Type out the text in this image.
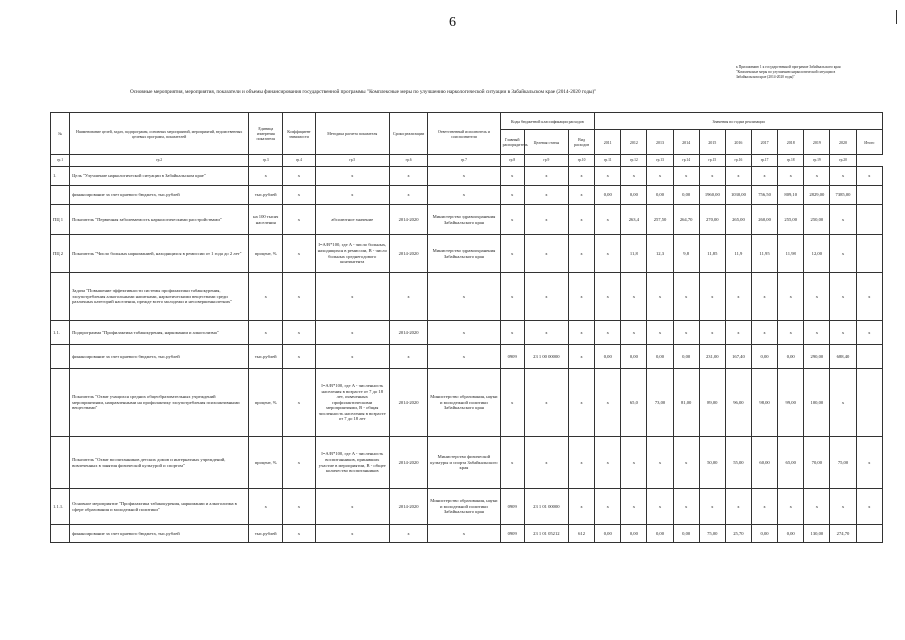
6
к Приложению 1 к государственной программе Забайкальского края
"Комплексные меры по улучшению наркологической ситуации в
Забайкальском крае (2014-2020 годы)"
Основные мероприятия, мероприятия, показатели и объемы финансирования государственной программы "Комплексные меры по улучшению наркологической ситуации в Забайкальском крае (2014-2020 годы)"
№	Наименование целей, задач, подпрограмм, основных мероприятий, мероприятий, ведомственных целевых программ, показателей	Единица измерения показателя	Коэффициент значимости	Методика расчета показателя	Сроки реализации	Ответственный исполнитель и соисполнители	Коды бюджетной классификации расходов			Значения по годам реализации										
							Главный распорядитель	Целевая статья	Вид расходов	2011	2012	2013	2014	2015	2016	2017	2018	2019	2020	Итого
гр.1	гр.2	гр.3	гр.4	гр.5	гр.6	гр.7	гр.8	гр.9	гр.10	гр.11	гр.12	гр.13	гр.14	гр.15	гр.16	гр.17	гр.18	гр.19	гр.20	
1.	Цель "Улучшение наркологической ситуации в Забайкальском крае"	х	х	х	х	х	х	х	х	х	х	х	х	х	х	х	х	х	х	х
	финансирование за счет краевого бюджета, тыс.рублей	тыс.рублей	х	х	х	х	х	х	х	0,00	0,00	0,00	0,00	1960,00	1030,00	756,50	809,10	2829,00	7385,00	
ПЦ 1	Показатель "Первичная заболеваемость наркологическими расстройствами"	на 100 тысяч населения	х	абсолютное значение	2014-2020	Министерство здравоохранения Забайкальского края	х	х	х	х	263,4	257,50	264,70	270,00	265,00	260,00	255,00	250,00	х	
ПЦ 2	Показатель "Число больных наркоманией, находящихся в ремиссии от 1 года до 2 лет"	процент, %	х	I=A/B*100, где A - число больных, находящихся в ремиссии, B - число больных среднегодового контингента	2014-2020	Министерство здравоохранения Забайкальского края	х	х	х	х	11,8	12,3	9,8	11,85	11,9	11,95	11,98	12,00	х	
	Задача "Повышение эффективности системы профилактики табакокурения, злоупотребления алкогольными напитками, наркотическими веществами среди различных категорий населения, прежде всего молодежи и несовершеннолетних"	х	х	х	х	х	х	х	х	х	х	х	х	х	х	х	х	х	х	х
1.1.	Подпрограмма "Профилактика табакокурения, наркомании и алкоголизма"	х	х	х	2014-2020	х	х	х	х	х	х	х	х	х	х	х	х	х	х	х
	финансирование за счет краевого бюджета, тыс.рублей	тыс.рублей	х	х	х	х	0909	23 1 00 00000	х	0,00	0,00	0,00	0,00	231,00	167,40	0,00	0,00	290,00	688,40	
	Показатель "Охват учащихся средних общеобразовательных учреждений мероприятиями, направленными на профилактику злоупотребления психоактивными веществами"	процент, %	х	I=A/B*100, где A - численность населения в возрасте от 7 до 18 лет, охваченных профилактическими мероприятиями, B - общая численность населения в возрасте от 7 до 18 лет	2014-2020	Министерство образования, науки и молодежной политики Забайкальского края	х	х	х	х	65,0	73,00	81,00	89,00	96,00	98,00	99,00	100,00	х	
	Показатель "Охват воспитанников детских домов и интернатных учреждений, вовлеченных в занятия физической культурой и спортом"	процент, %	х	I=A/B*100, где A - численность воспитанников, принявших участие в мероприятии, B - общее количество воспитанников	2014-2020	Министерство физической культуры и спорта Забайкальского края	х	х	х	х	х	х	х	50,00	55,00	60,00	65,00	70,00	75,00	х
1.1.1.	Основное мероприятие "Профилактика табакокурения, наркомании и алкоголизма в сфере образования и молодежной политики"	х	х	х	2014-2020	Министерство образования, науки и молодежной политики Забайкальского края	0909	23 1 01 00000	х	х	х	х	х	х	х	х	х	х	х	х
	финансирование за счет краевого бюджета, тыс.рублей	тыс.рублей	х	х	х	х	0909	23 1 01 05212	612	0,00	0,00	0,00	0,00	75,00	25,70	0,00	0,00	130,00	274,70	
